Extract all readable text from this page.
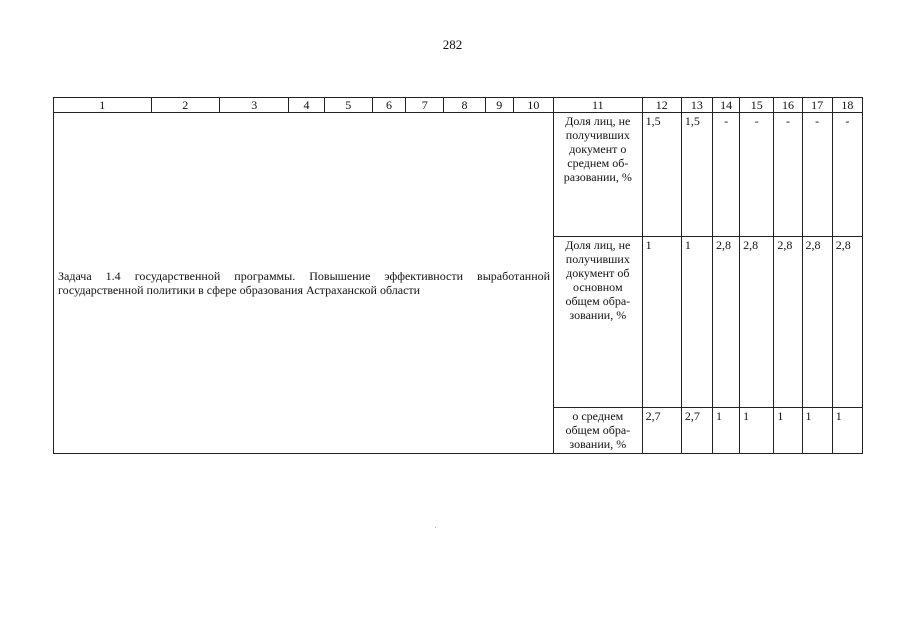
282
1	2	3	4	5	6	7	8	9	10	11	12	13	14	15	16	17	18
Задача 1.4 государственной программы. Повышение эффективности выработанной государственной политики в сфере образования Астраханской области										Доля лиц, не получивших документ о среднем об-разовании, %	1,5	1,5	-	-	-	-	-
										Доля лиц, не получивших документ об основном общем обра-зовании, %	1	1	2,8	2,8	2,8	2,8	2,8
										о среднем общем обра-зовании, %	2,7	2,7	1	1	1	1	1
